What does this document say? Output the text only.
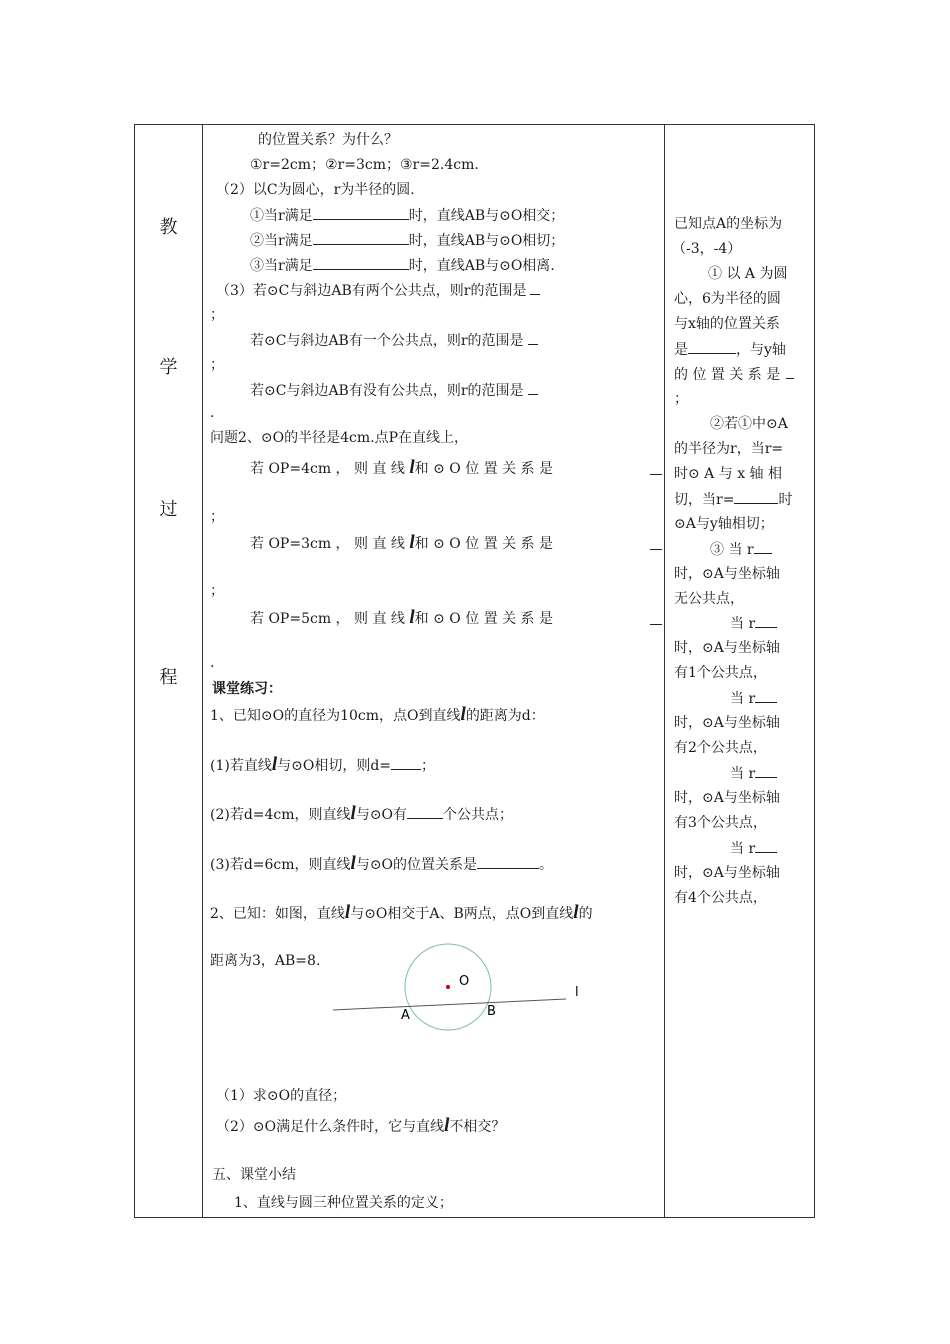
教
学
过
程
的位置关系？为什么？
①r=2cm；②r=3cm；③r=2.4cm.
（2）以C为圆心，r为半径的圆.
①当r满足	时，直线AB与⊙O相交；
②当r满足	时，直线AB与⊙O相切；
③当r满足	时，直线AB与⊙O相离.
（3）若⊙C与斜边AB有两个公共点，则r的范围是
；
若⊙C与斜边AB有一个公共点，则r的范围是
；
若⊙C与斜边AB有没有公共点，则r的范围是
.
问题2、⊙O的半径是4cm.点P在直线上，
若 OP=4cm ， 则 直 线 l和 ⊙ O 位 置 关 系 是
；
若 OP=3cm ， 则 直 线 l和 ⊙ O 位 置 关 系 是
；
若 OP=5cm ， 则 直 线 l和 ⊙ O 位 置 关 系 是
.
课堂练习：
1、已知⊙O的直径为10cm，点O到直线l的距离为d：
(1)若直线l与⊙O相切，则d= ；
(2)若d=4cm，则直线l与⊙O有	个公共点；
(3)若d=6cm，则直线l与⊙O的位置关系是	。
2、已知：如图，直线l与⊙O相交于A、B两点，点O到直线l的
距离为3，AB=8.
O
A	B
l
（1）求⊙O的直径；
（2）⊙O满足什么条件时，它与直线l不相交？
五、课堂小结
1、直线与圆三种位置关系的定义；
已知点A的坐标为
（-3，-4）
① 以 A 为圆
心，6为半径的圆
与x轴的位置关系
是	，与y轴
的 位 置 关 系 是
；
②若①中⊙A
的半径为r，当r=
时⊙ A 与 x 轴 相
切，当r=	时
⊙A与y轴相切；
③ 当 r
时，⊙A与坐标轴
无公共点，
当 r
时，⊙A与坐标轴
有1个公共点，
当 r
时，⊙A与坐标轴
有2个公共点，
当 r
时，⊙A与坐标轴
有3个公共点，
当 r
时，⊙A与坐标轴
有4个公共点，
